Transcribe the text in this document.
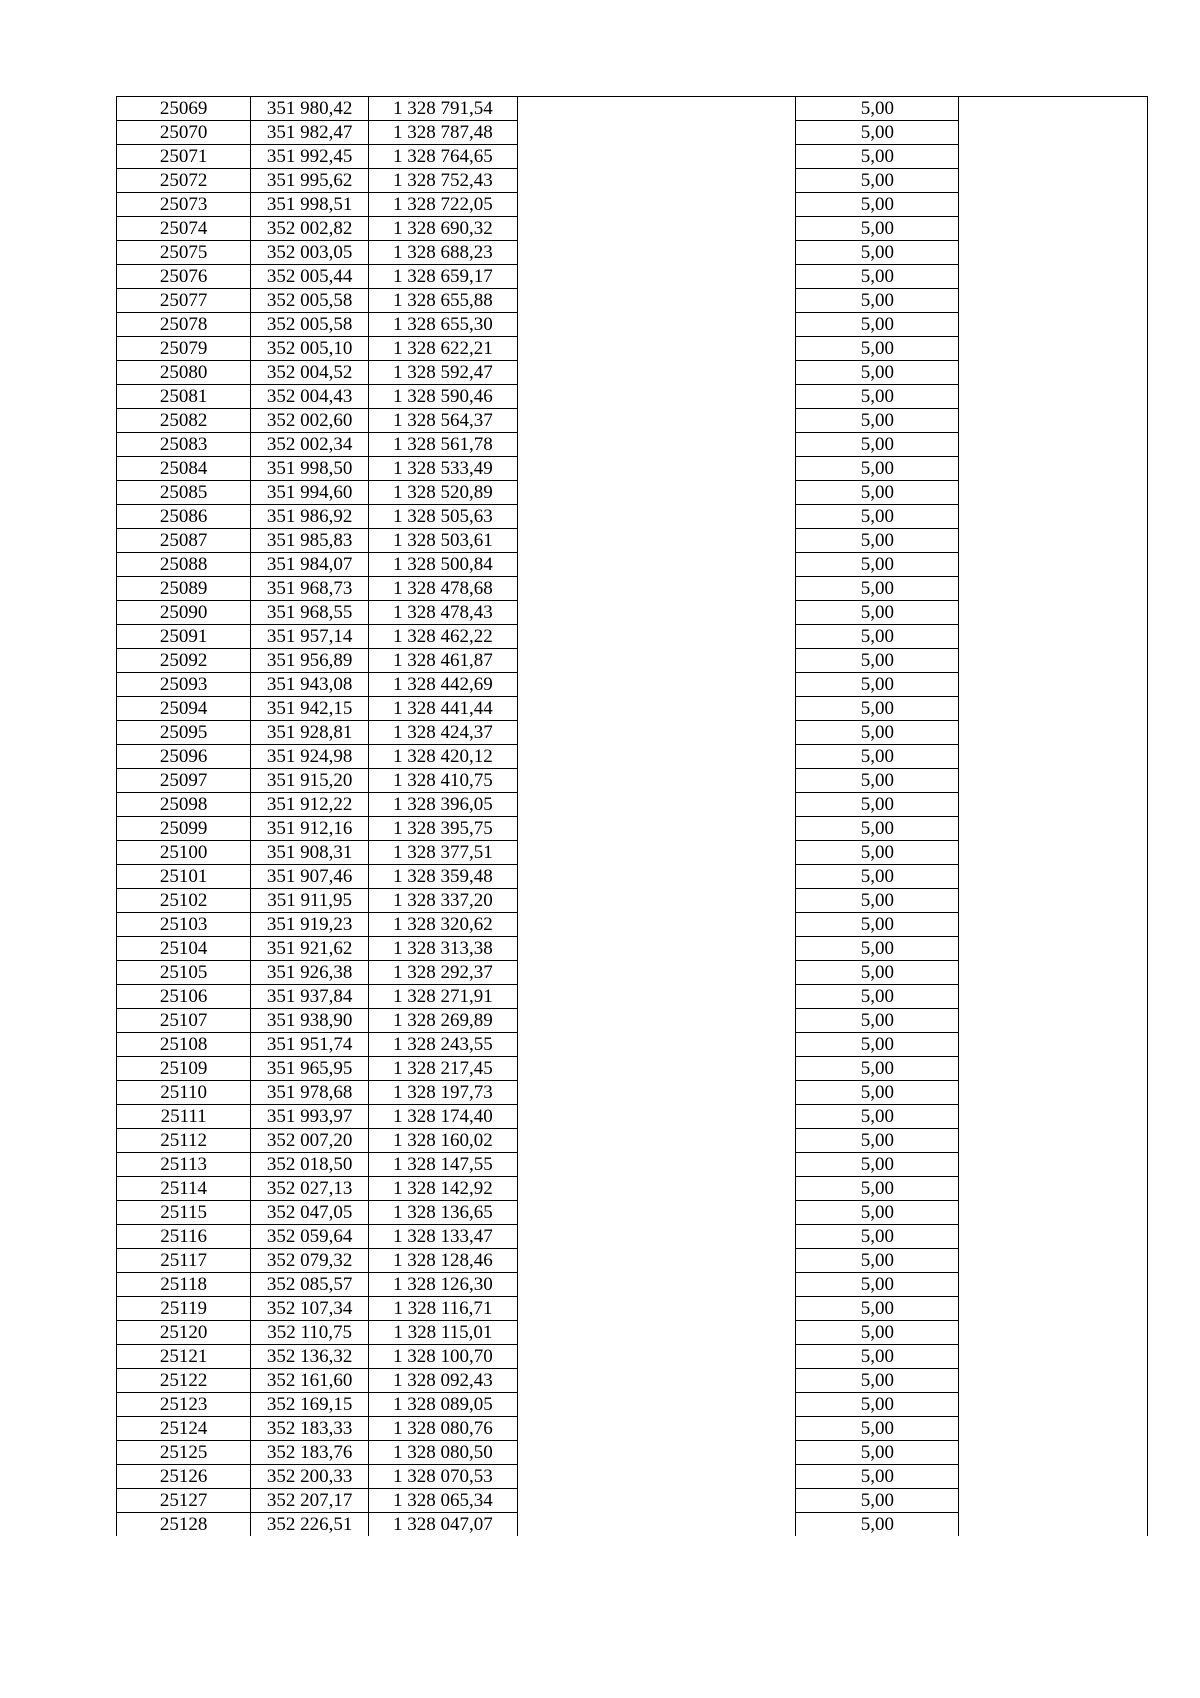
25069	351 980,42	1 328 791,54		5,00	
25070	351 982,47	1 328 787,48		5,00	
25071	351 992,45	1 328 764,65		5,00	
25072	351 995,62	1 328 752,43		5,00	
25073	351 998,51	1 328 722,05		5,00	
25074	352 002,82	1 328 690,32		5,00	
25075	352 003,05	1 328 688,23		5,00	
25076	352 005,44	1 328 659,17		5,00	
25077	352 005,58	1 328 655,88		5,00	
25078	352 005,58	1 328 655,30		5,00	
25079	352 005,10	1 328 622,21		5,00	
25080	352 004,52	1 328 592,47		5,00	
25081	352 004,43	1 328 590,46		5,00	
25082	352 002,60	1 328 564,37		5,00	
25083	352 002,34	1 328 561,78		5,00	
25084	351 998,50	1 328 533,49		5,00	
25085	351 994,60	1 328 520,89		5,00	
25086	351 986,92	1 328 505,63		5,00	
25087	351 985,83	1 328 503,61		5,00	
25088	351 984,07	1 328 500,84		5,00	
25089	351 968,73	1 328 478,68		5,00	
25090	351 968,55	1 328 478,43		5,00	
25091	351 957,14	1 328 462,22		5,00	
25092	351 956,89	1 328 461,87		5,00	
25093	351 943,08	1 328 442,69		5,00	
25094	351 942,15	1 328 441,44		5,00	
25095	351 928,81	1 328 424,37		5,00	
25096	351 924,98	1 328 420,12		5,00	
25097	351 915,20	1 328 410,75		5,00	
25098	351 912,22	1 328 396,05		5,00	
25099	351 912,16	1 328 395,75		5,00	
25100	351 908,31	1 328 377,51		5,00	
25101	351 907,46	1 328 359,48		5,00	
25102	351 911,95	1 328 337,20		5,00	
25103	351 919,23	1 328 320,62		5,00	
25104	351 921,62	1 328 313,38		5,00	
25105	351 926,38	1 328 292,37		5,00	
25106	351 937,84	1 328 271,91		5,00	
25107	351 938,90	1 328 269,89		5,00	
25108	351 951,74	1 328 243,55		5,00	
25109	351 965,95	1 328 217,45		5,00	
25110	351 978,68	1 328 197,73		5,00	
25111	351 993,97	1 328 174,40		5,00	
25112	352 007,20	1 328 160,02		5,00	
25113	352 018,50	1 328 147,55		5,00	
25114	352 027,13	1 328 142,92		5,00	
25115	352 047,05	1 328 136,65		5,00	
25116	352 059,64	1 328 133,47		5,00	
25117	352 079,32	1 328 128,46		5,00	
25118	352 085,57	1 328 126,30		5,00	
25119	352 107,34	1 328 116,71		5,00	
25120	352 110,75	1 328 115,01		5,00	
25121	352 136,32	1 328 100,70		5,00	
25122	352 161,60	1 328 092,43		5,00	
25123	352 169,15	1 328 089,05		5,00	
25124	352 183,33	1 328 080,76		5,00	
25125	352 183,76	1 328 080,50		5,00	
25126	352 200,33	1 328 070,53		5,00	
25127	352 207,17	1 328 065,34		5,00	
25128	352 226,51	1 328 047,07		5,00	
